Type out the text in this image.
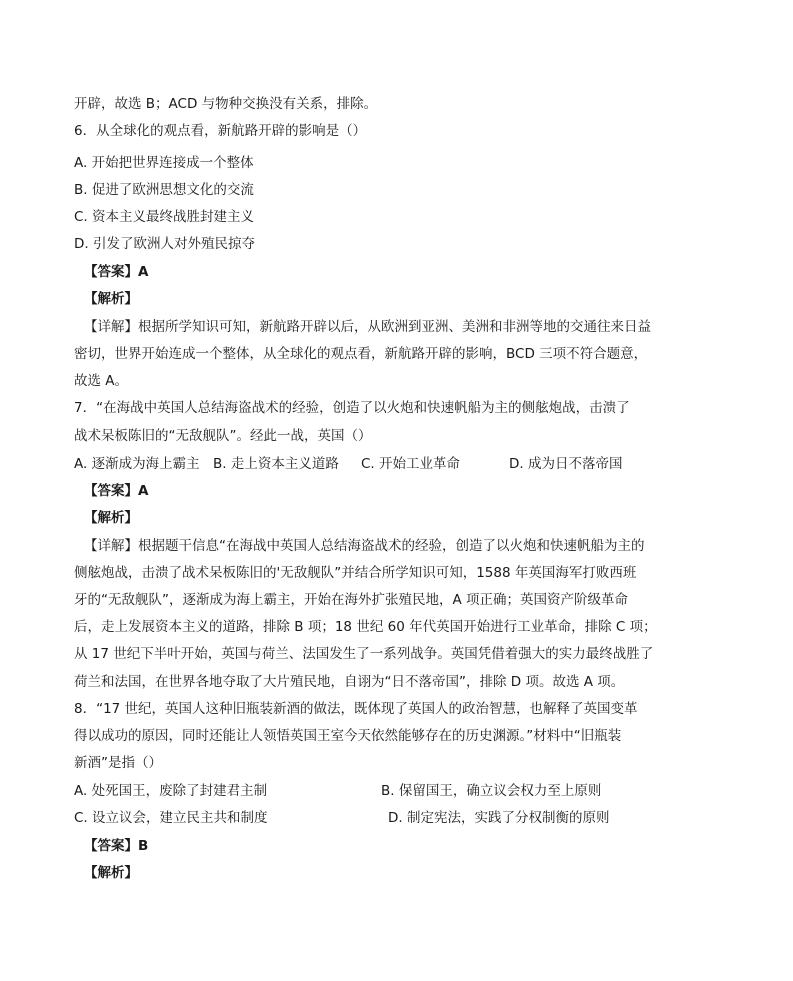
开辟，故选 B；ACD 与物种交换没有关系，排除。
6．从全球化的观点看，新航路开辟的影响是（）
A. 开始把世界连接成一个整体
B. 促进了欧洲思想文化的交流
C. 资本主义最终战胜封建主义
D. 引发了欧洲人对外殖民掠夺
【答案】A
【解析】
【详解】根据所学知识可知，新航路开辟以后，从欧洲到亚洲、美洲和非洲等地的交通往来日益
密切，世界开始连成一个整体，从全球化的观点看，新航路开辟的影响，BCD 三项不符合题意，
故选 A。
7．“在海战中英国人总结海盗战术的经验，创造了以火炮和快速帆船为主的侧舷炮战，击溃了
战术呆板陈旧的“无敌舰队”。经此一战，英国（）
A. 逐渐成为海上霸主 B. 走上资本主义道路 C. 开始工业革命	D. 成为日不落帝国
【答案】A
【解析】
【详解】根据题干信息“在海战中英国人总结海盗战术的经验，创造了以火炮和快速帆船为主的
侧舷炮战，击溃了战术呆板陈旧的'无敌舰队”并结合所学知识可知，1588 年英国海军打败西班
牙的“无敌舰队”，逐渐成为海上霸主，开始在海外扩张殖民地，A 项正确；英国资产阶级革命
后，走上发展资本主义的道路，排除 B 项；18 世纪 60 年代英国开始进行工业革命，排除 C 项；
从 17 世纪下半叶开始，英国与荷兰、法国发生了一系列战争。英国凭借着强大的实力最终战胜了
荷兰和法国，在世界各地夺取了大片殖民地，自诩为“日不落帝国”，排除 D 项。故选 A 项。
8．“17 世纪，英国人这种旧瓶装新酒的做法，既体现了英国人的政治智慧，也解释了英国变革
得以成功的原因，同时还能让人领悟英国王室今天依然能够存在的历史渊源。”材料中“旧瓶装
新酒”是指（）
A. 处死国王，废除了封建君主制	B. 保留国王，确立议会权力至上原则
C. 设立议会，建立民主共和制度	D. 制定宪法，实践了分权制衡的原则
【答案】B
【解析】
